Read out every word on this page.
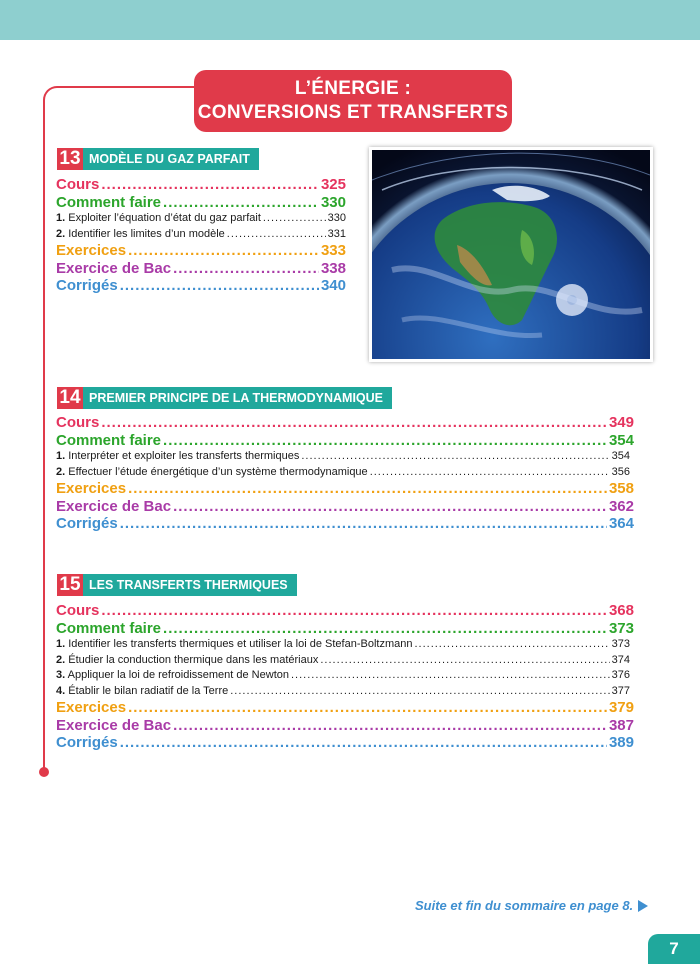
L’ÉNERGIE :
CONVERSIONS ET TRANSFERTS
13 MODÈLE DU GAZ PARFAIT
Cours .....	325
Comment faire .....	330
1. Exploiter l’équation d’état du gaz parfait .....	330
2. Identifier les limites d’un modèle .....	331
Exercices .....	333
Exercice de Bac .....	338
Corrigés .....	340
14 PREMIER PRINCIPE DE LA THERMODYNAMIQUE
Cours .....	349
Comment faire .....	354
1. Interpréter et exploiter les transferts thermiques .....	354
2. Effectuer l’étude énergétique d’un système thermodynamique .....	356
Exercices .....	358
Exercice de Bac .....	362
Corrigés .....	364
15 LES TRANSFERTS THERMIQUES
Cours .....	368
Comment faire .....	373
1. Identifier les transferts thermiques et utiliser la loi de Stefan-Boltzmann .....	373
2. Étudier la conduction thermique dans les matériaux .....	374
3. Appliquer la loi de refroidissement de Newton .....	376
4. Établir le bilan radiatif de la Terre .....	377
Exercices .....	379
Exercice de Bac .....	387
Corrigés .....	389
Suite et fin du sommaire en page 8.
7
